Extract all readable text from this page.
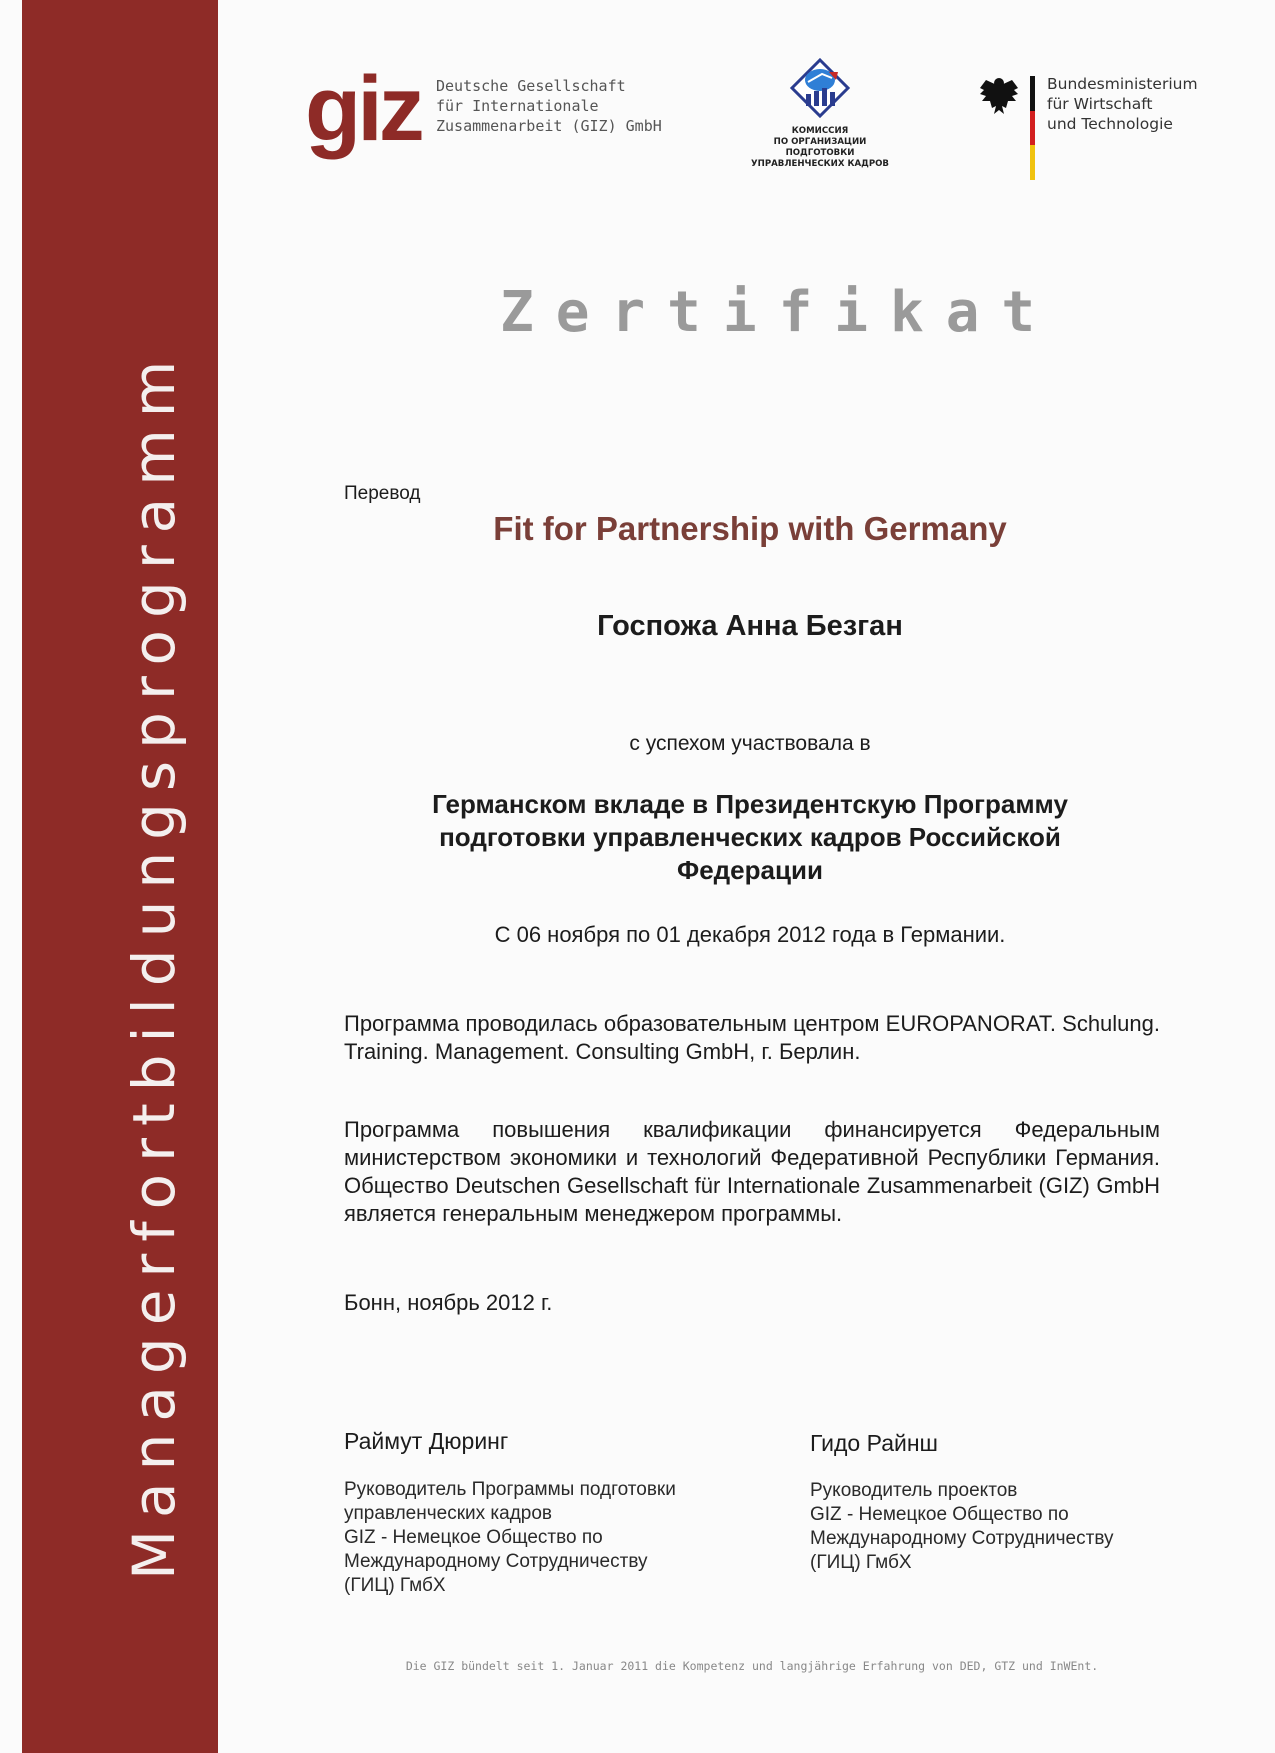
Managerfortbildungsprogramm
giz Deutsche Gesellschaft
für Internationale
Zusammenarbeit (GIZ) GmbH	КОМИССИЯ
ПО ОРГАНИЗАЦИИ
ПОДГОТОВКИ
УПРАВЛЕНЧЕСКИХ КАДРОВ
Bundesministerium
für Wirtschaft
und Technologie
Zertifikat
Перевод
Fit for Partnership with Germany
Госпожа Анна Безган
с успехом участвовала в
Германском вкладе в Президентскую Программу
подготовки управленческих кадров Российской
Федерации
С 06 ноября по 01 декабря 2012 года в Германии.
Программа проводилась образовательным центром EUROPANORAT. Schulung. Training. Management. Consulting GmbH, г. Берлин.
Программа повышения квалификации финансируется Федеральным министерством экономики и технологий Федеративной Республики Германия. Общество Deutschen Gesellschaft für Internationale Zusammenarbeit (GIZ) GmbH является генеральным менеджером программы.
Бонн, ноябрь 2012 г.
Раймут Дюринг
Руководитель Программы подготовки
управленческих кадров
GIZ - Немецкое Общество по
Международному Сотрудничеству
(ГИЦ) ГмбХ
Гидо Райнш
Руководитель проектов
GIZ - Немецкое Общество по
Международному Сотрудничеству
(ГИЦ) ГмбХ
Die GIZ bündelt seit 1. Januar 2011 die Kompetenz und langjährige Erfahrung von DED, GTZ und InWEnt.
